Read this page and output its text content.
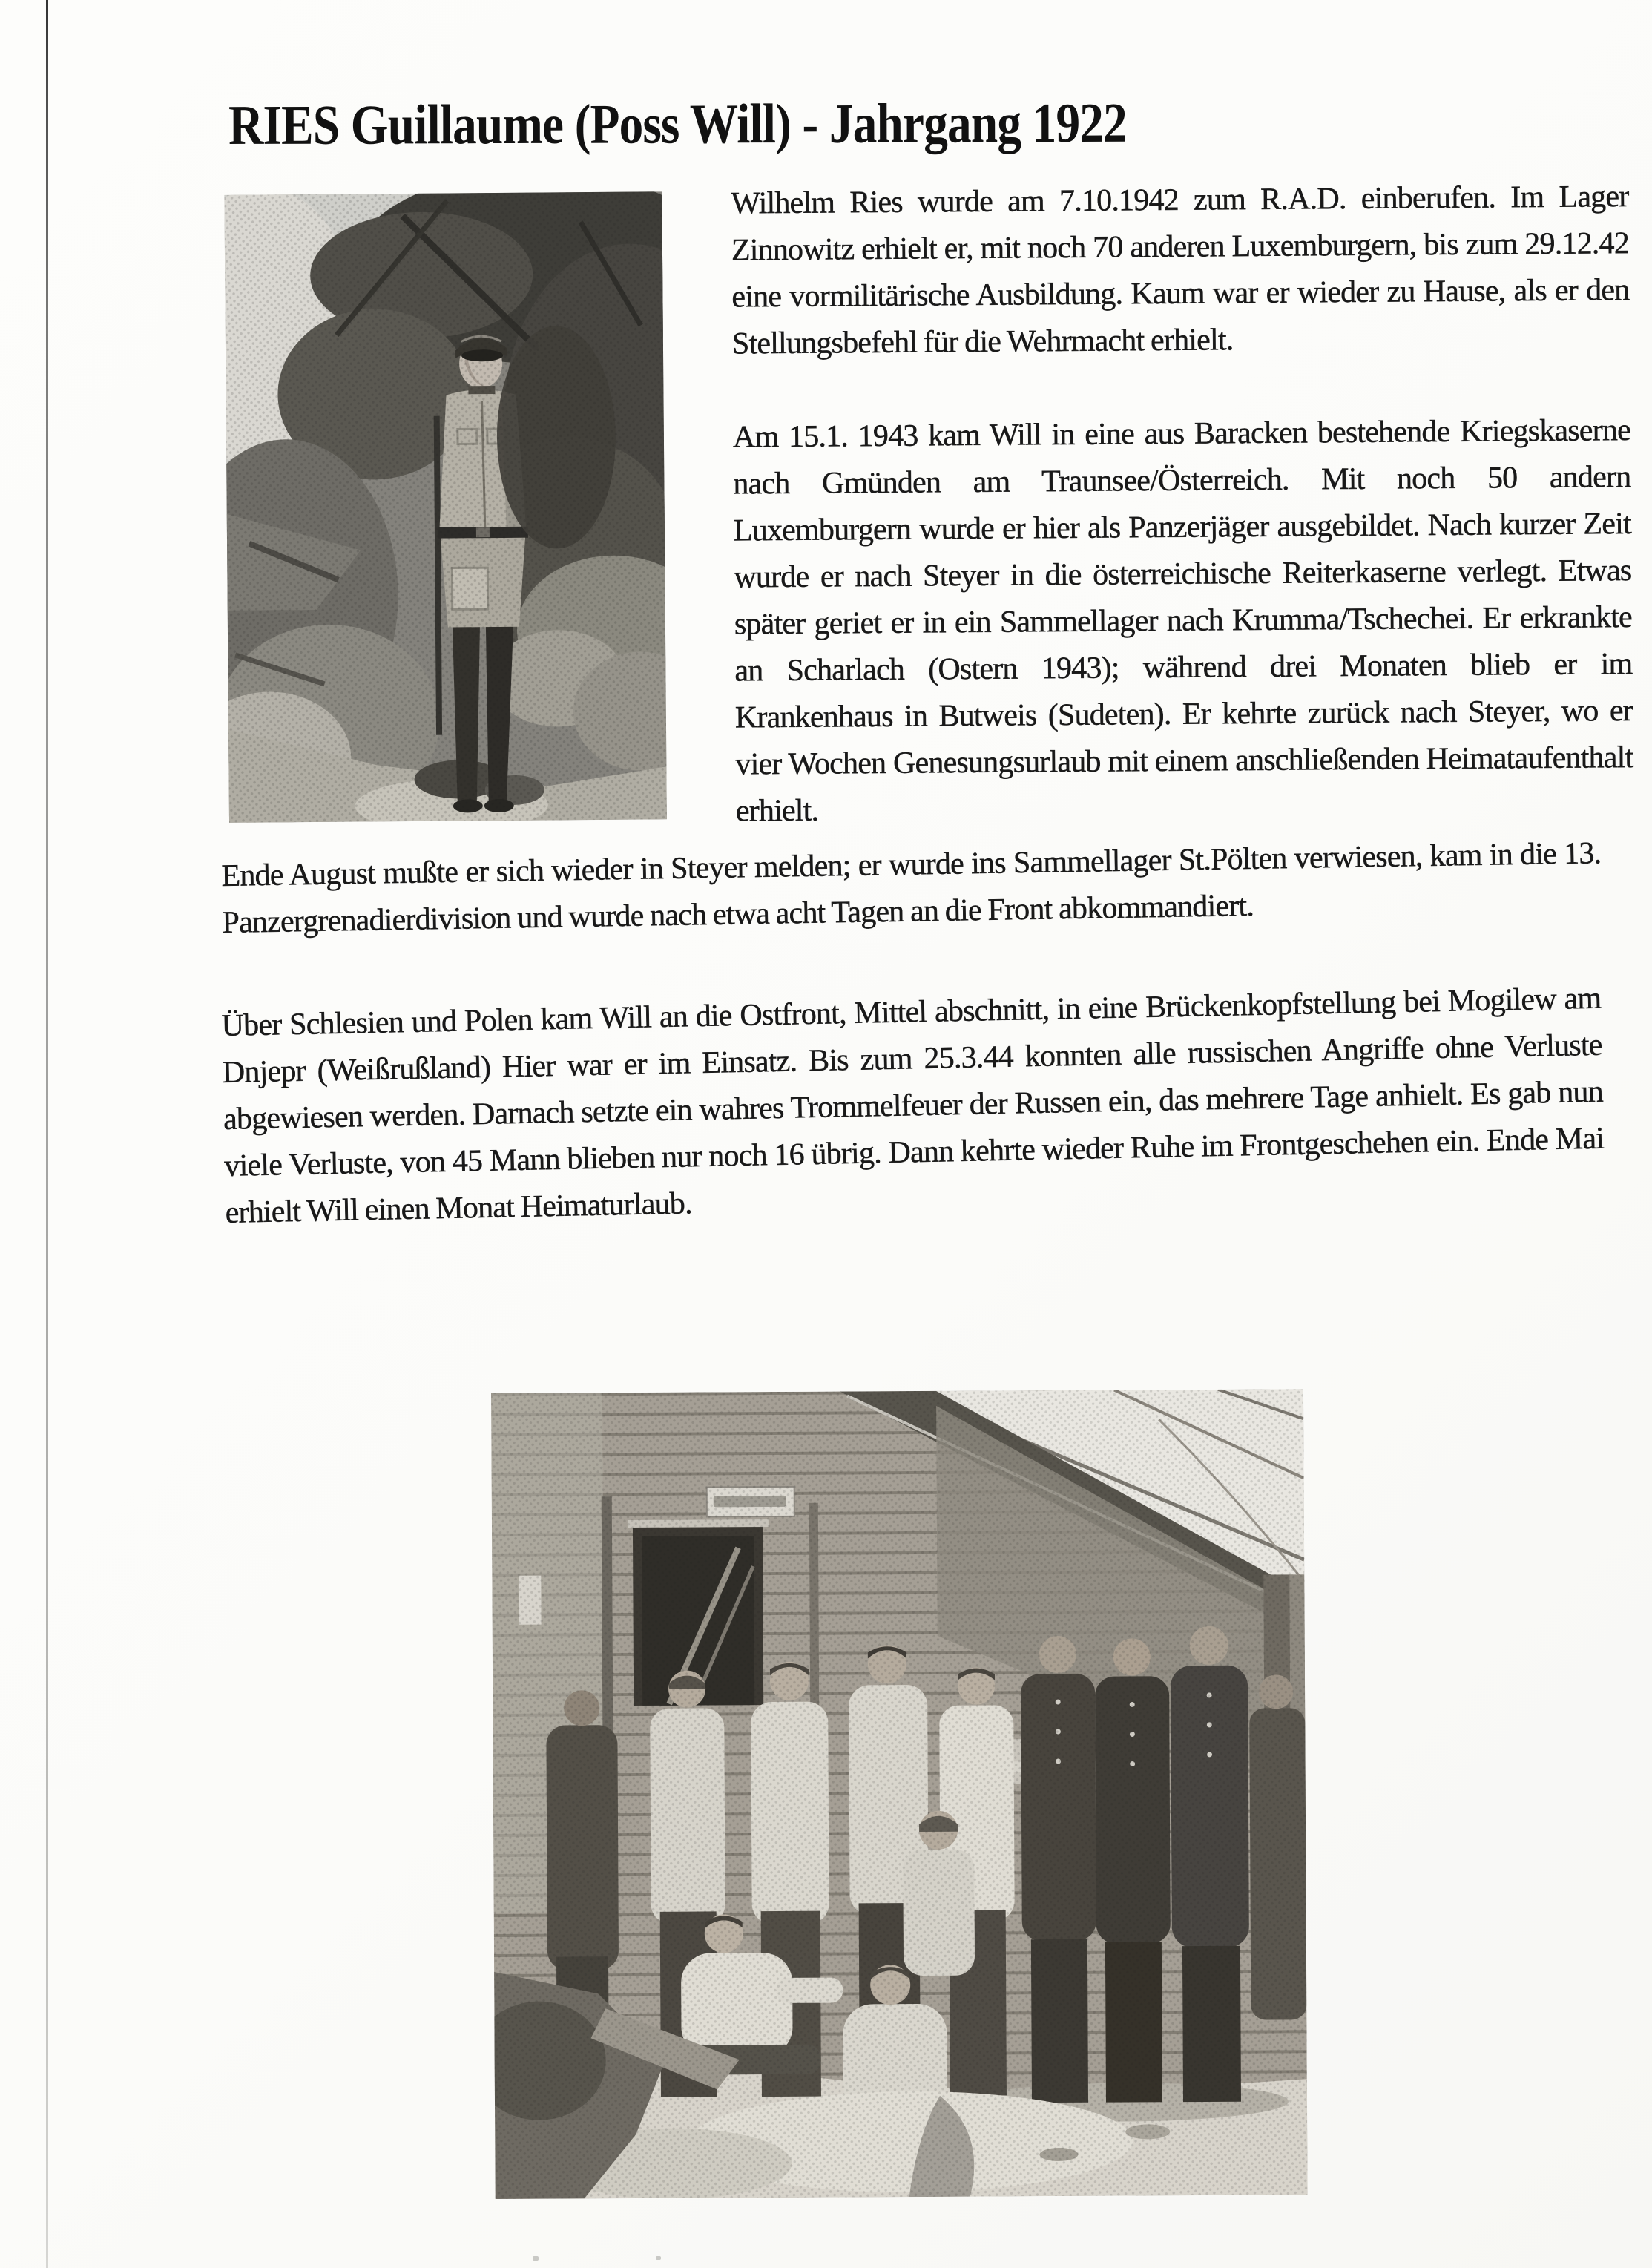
RIES Guillaume (Poss Will) - Jahrgang 1922

Wilhelm Ries wurde am 7.10.1942 zum R.A.D. einberufen. Im Lager Zinnowitz erhielt er, mit noch 70 anderen Luxemburgern, bis zum 29.12.42 eine vormilitärische Ausbildung. Kaum war er wieder zu Hause, als er den Stellungsbefehl für die Wehrmacht erhielt.

Am 15.1. 1943 kam Will in eine aus Baracken bestehende Kriegskaserne nach Gmünden am Traunsee/Österreich. Mit noch 50 andern Luxemburgern wurde er hier als Panzerjäger ausgebildet. Nach kurzer Zeit wurde er nach Steyer in die österreichische Reiterkaserne verlegt. Etwas später geriet er in ein Sammellager nach Krumma/Tschechei. Er erkrankte an Scharlach (Ostern 1943); während drei Monaten blieb er im Krankenhaus in Butweis (Sudeten). Er kehrte zurück nach Steyer, wo er vier Wochen Genesungsurlaub mit einem anschließenden Heimataufenthalt erhielt.

Ende August mußte er sich wieder in Steyer melden; er wurde ins Sammellager St.Pölten verwiesen, kam in die 13. Panzergrenadierdivision und wurde nach etwa acht Tagen an die Front abkommandiert.

Über Schlesien und Polen kam Will an die Ostfront, Mittel abschnitt, in eine Brückenkopfstellung bei Mogilew am Dnjepr (Weißrußland) Hier war er im Einsatz. Bis zum 25.3.44 konnten alle russischen Angriffe ohne Verluste abgewiesen werden. Darnach setzte ein wahres Trommelfeuer der Russen ein, das mehrere Tage anhielt. Es gab nun viele Verluste, von 45 Mann blieben nur noch 16 übrig. Dann kehrte wieder Ruhe im Frontgeschehen ein. Ende Mai erhielt Will einen Monat Heimaturlaub.
